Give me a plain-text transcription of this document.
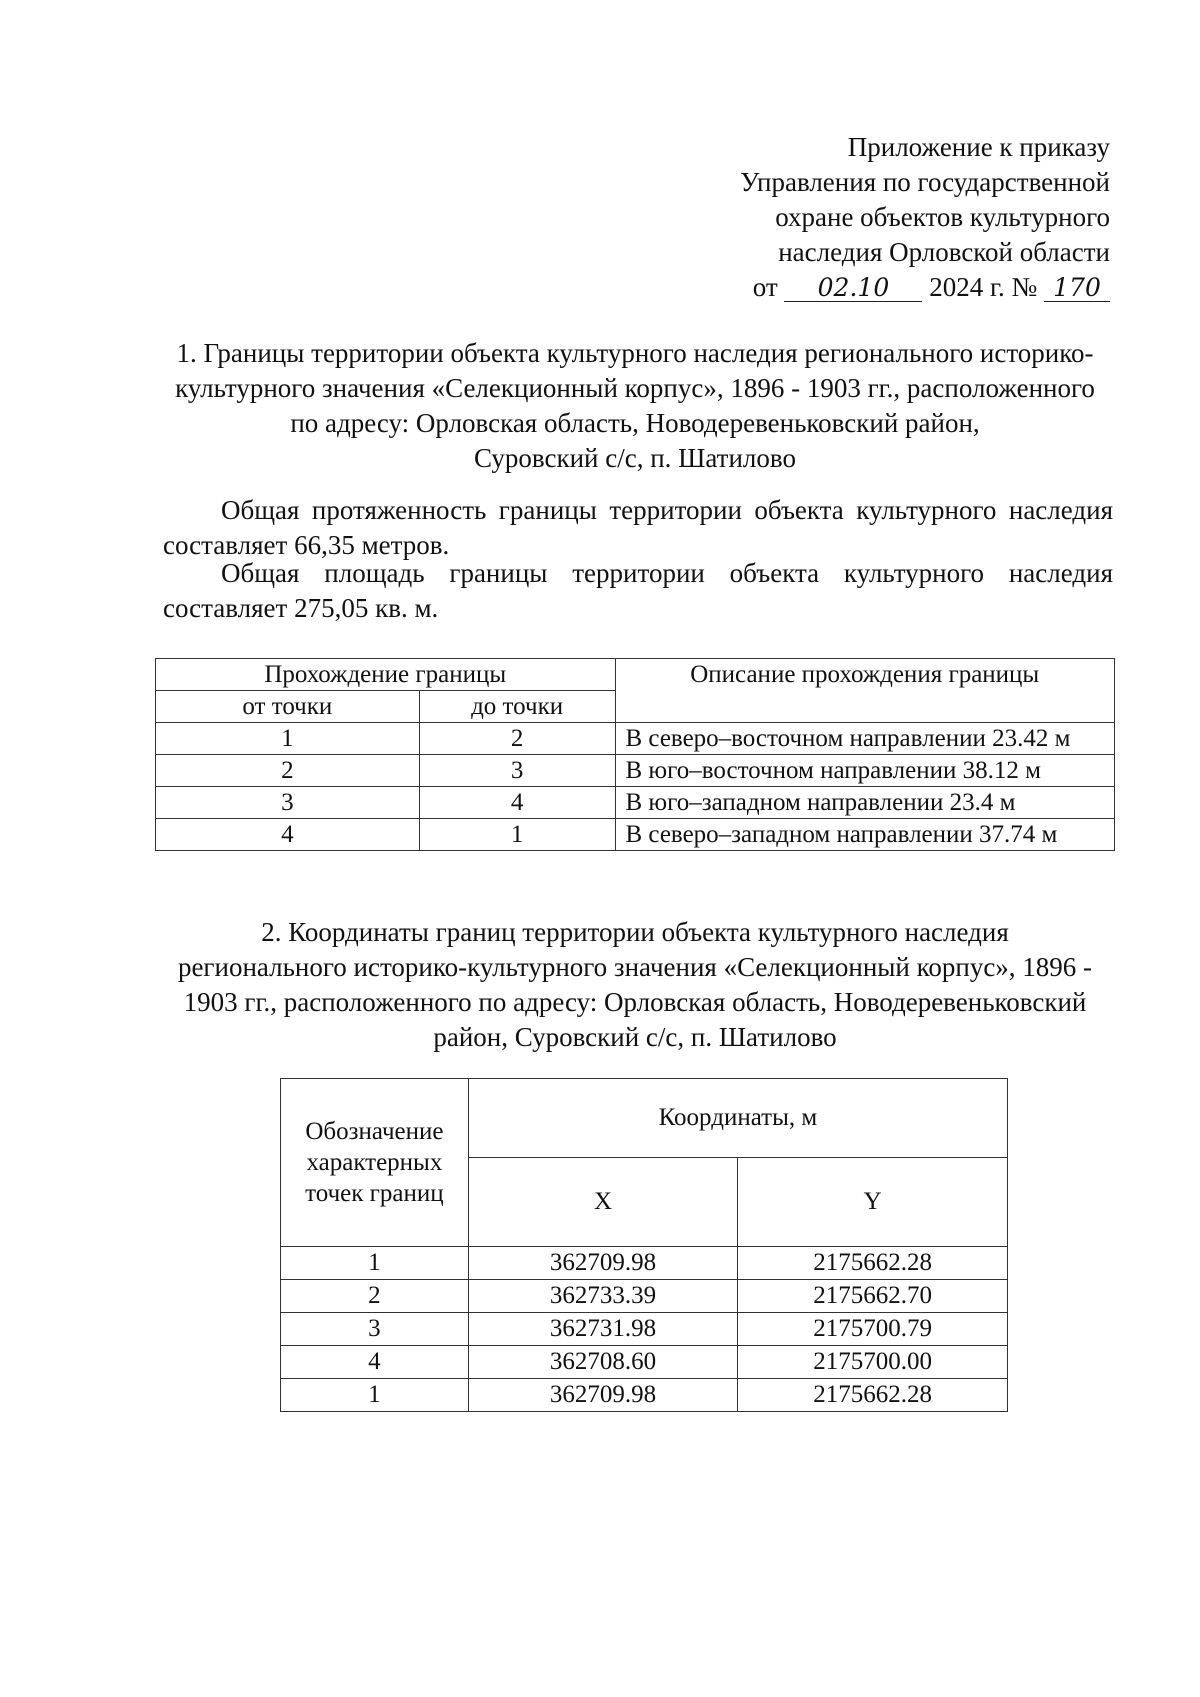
Приложение к приказу
Управления по государственной
охране объектов культурного
наследия Орловской области
от 02.10 2024 г. № 170
1. Границы территории объекта культурного наследия регионального историко-
культурного значения «Селекционный корпус», 1896 - 1903 гг., расположенного
по адресу: Орловская область, Новодеревеньковский район,
Суровский с/с, п. Шатилово
Общая протяженность границы территории объекта культурного наследия составляет 66,35 метров.
Общая площадь границы территории объекта культурного наследия составляет 275,05 кв. м.
Прохождение границы		Описание прохождения границы
от точки	до точки	
1	2	В северо–восточном направлении 23.42 м
2	3	В юго–восточном направлении 38.12 м
3	4	В юго–западном направлении 23.4 м
4	1	В северо–западном направлении 37.74 м
2. Координаты границ территории объекта культурного наследия
регионального историко-культурного значения «Селекционный корпус», 1896 -
1903 гг., расположенного по адресу: Орловская область, Новодеревеньковский
район, Суровский с/с, п. Шатилово
Обозначение характерных точек границ	Координаты, м	
	X	Y
1	362709.98	2175662.28
2	362733.39	2175662.70
3	362731.98	2175700.79
4	362708.60	2175700.00
1	362709.98	2175662.28
